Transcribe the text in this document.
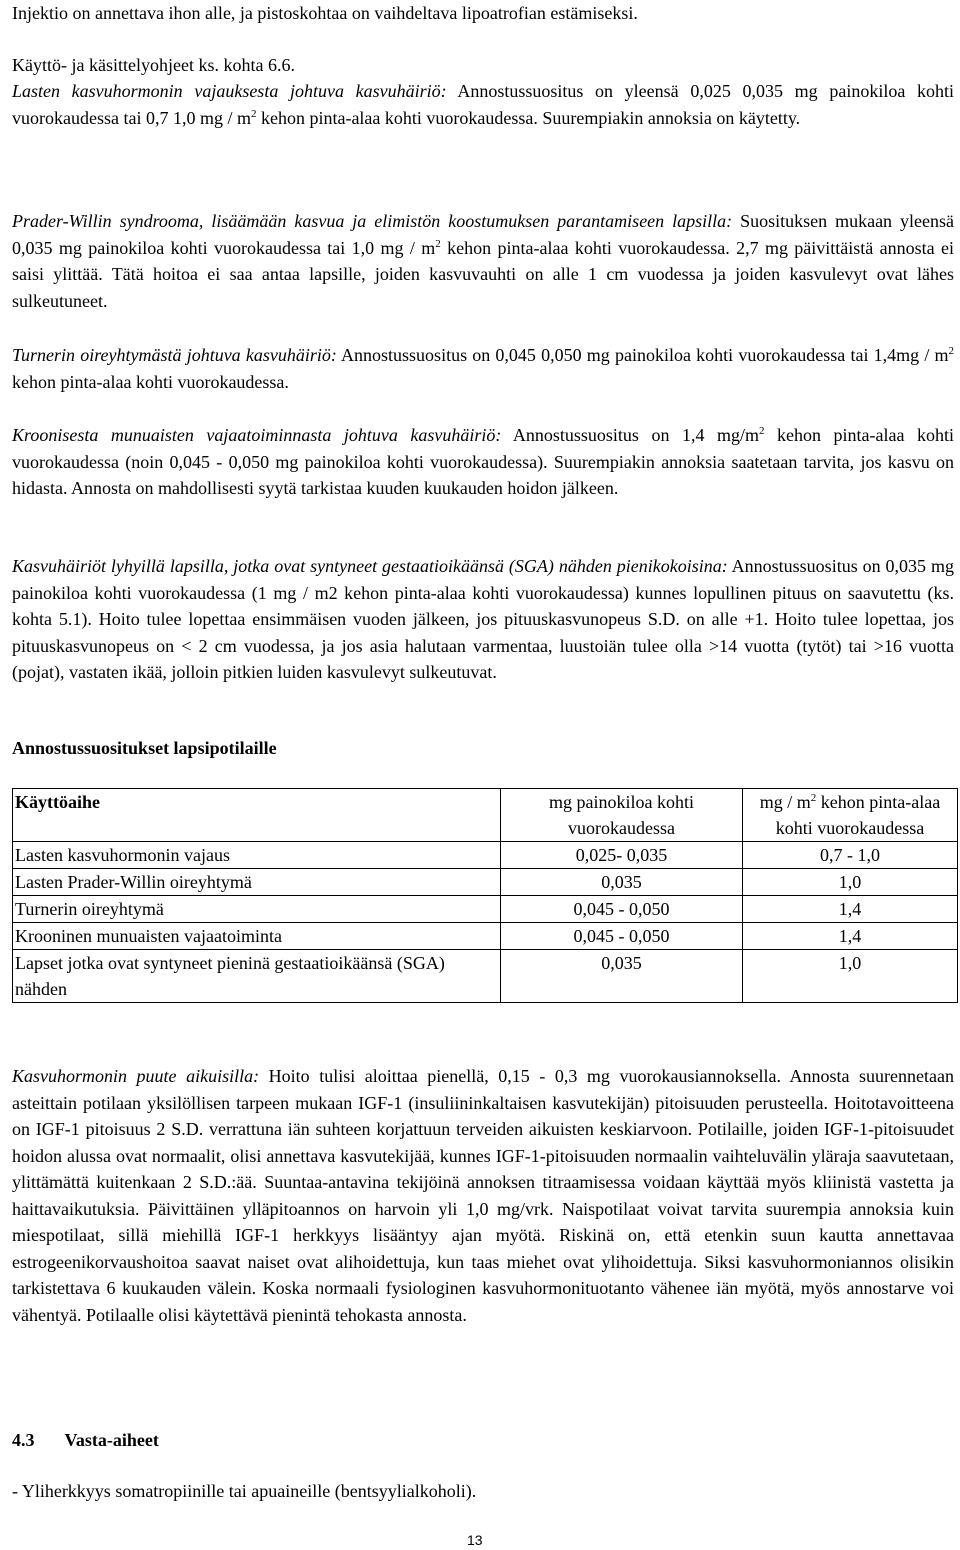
Injektio on annettava ihon alle, ja pistoskohtaa on vaihdeltava lipoatrofian estämiseksi.

Käyttö- ja käsittelyohjeet ks. kohta 6.6.

Lasten kasvuhormonin vajauksesta johtuva kasvuhäiriö: Annostussuositus on yleensä 0,025 0,035 mg painokiloa kohti vuorokaudessa tai 0,7 1,0 mg / $m^2$ kehon pinta-alaa kohti vuorokaudessa. Suurempiakin annoksia on käytetty.

Prader-Willin syndrooma, lisäämään kasvua ja elimistön koostumuksen parantamiseen lapsilla: Suosituksen mukaan yleensä 0,035 mg painokiloa kohti vuorokaudessa tai 1,0 mg / $m^2$ kehon pinta-alaa kohti vuorokaudessa. 2,7 mg päivittäistä annosta ei saisi ylittää. Tätä hoitoa ei saa antaa lapsille, joiden kasvuvauhti on alle 1 cm vuodessa ja joiden kasvulevyt ovat lähes sulkeutuneet.

Turnerin oireyhtymästä johtuva kasvuhäiriö: Annostussuositus on 0,045 0,050 mg painokiloa kohti vuorokaudessa tai $1,4mg / m^2$ kehon pinta-alaa kohti vuorokaudessa.

Kroonisesta munuaisten vajaatoiminnasta johtuva kasvuhäiriö: Annostussuositus on 1,4 $mg/m^2$ kehon pinta-alaa kohti vuorokaudessa (noin 0,045 - 0,050 mg painokiloa kohti vuorokaudessa). Suurempiakin annoksia saatetaan tarvita, jos kasvu on hidasta. Annosta on mahdollisesti syytä tarkistaa kuuden kuukauden hoidon jälkeen.

Kasvuhäiriöt lyhyillä lapsilla, jotka ovat syntyneet gestaatioikäänsä (SGA) nähden pienikokoisina: Annostussuositus on 0,035 mg painokiloa kohti vuorokaudessa (1 mg / m2 kehon pinta-alaa kohti vuorokaudessa) kunnes lopullinen pituus on saavutettu (ks. kohta 5.1). Hoito tulee lopettaa ensimmäisen vuoden jälkeen, jos pituuskasvunopeus S.D. on alle +1. Hoito tulee lopettaa, jos pituuskasvunopeus on < 2 cm vuodessa, ja jos asia halutaan varmentaa, luustoiän tulee olla >14 vuotta (tytöt) tai >16 vuotta (pojat), vastaten ikää, jolloin pitkien luiden kasvulevyt sulkeutuvat.

Annostussuositukset lapsipotilaille
Käyttöaihe	mg painokiloa kohti vuorokaudessa	mg / $m^2$ kehon pinta-alaa kohti vuorokaudessa
Lasten kasvuhormonin vajaus	0,025- 0,035	0,7 - 1,0
Lasten Prader-Willin oireyhtymä	0,035	1,0
Turnerin oireyhtymä	0,045 - 0,050	1,4
Krooninen munuaisten vajaatoiminta	0,045 - 0,050	1,4
Lapset jotka ovat syntyneet pieninä gestaatioikäänsä (SGA) nähden	0,035	1,0

Kasvuhormonin puute aikuisilla: Hoito tulisi aloittaa pienellä, 0,15 - 0,3 mg vuorokausiannoksella. Annosta suurennetaan asteittain potilaan yksilöllisen tarpeen mukaan IGF-1 (insuliininkaltaisen kasvutekijän) pitoisuuden perusteella. Hoitotavoitteena on IGF-1 pitoisuus 2 S.D. verrattuna iän suhteen korjattuun terveiden aikuisten keskiarvoon. Potilaille, joiden IGF-1-pitoisuudet hoidon alussa ovat normaalit, olisi annettava kasvutekijää, kunnes IGF-1-pitoisuuden normaalin vaihteluvälin yläraja saavutetaan, ylittämättä kuitenkaan 2 S.D.:ää. Suuntaa-antavina tekijöinä annoksen titraamisessa voidaan käyttää myös kliinistä vastetta ja haittavaikutuksia. Päivittäinen ylläpitoannos on harvoin yli 1,0 mg/vrk. Naispotilaat voivat tarvita suurempia annoksia kuin miespotilaat, sillä miehillä IGF-1 herkkyys lisääntyy ajan myötä. Riskinä on, että etenkin suun kautta annettavaa estrogeenikorvaushoitoa saavat naiset ovat alihoidettuja, kun taas miehet ovat ylihoidettuja. Siksi kasvuhormoniannos olisikin tarkistettava 6 kuukauden välein. Koska normaali fysiologinen kasvuhormonituotanto vähenee iän myötä, myös annostarve voi vähentyä. Potilaalle olisi käytettävä pienintä tehokasta annosta.

4.3 Vasta-aiheet

- Yliherkkyys somatropiinille tai apuaineille (bentsyylialkoholi).

13
